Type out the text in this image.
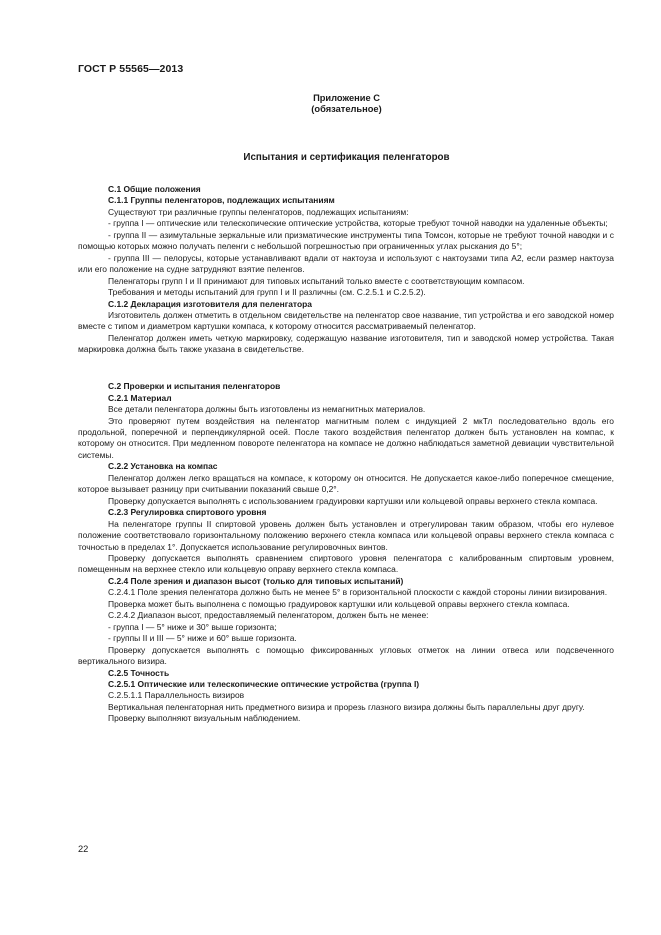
ГОСТ Р 55565—2013
Приложение С
(обязательное)
Испытания и сертификация пеленгаторов

С.1 Общие положения

С.1.1 Группы пеленгаторов, подлежащих испытаниям

Существуют три различные группы пеленгаторов, подлежащих испытаниям:

- группа I — оптические или телескопические оптические устройства, которые требуют точной наводки на удаленные объекты;

- группа II — азимутальные зеркальные или призматические инструменты типа Томсон, которые не требуют точной наводки и с помощью которых можно получать пеленги с небольшой погрешностью при ограниченных углах рыскания до 5°;

- группа III — пелорусы, которые устанавливают вдали от нактоуза и используют с нактоузами типа А2, если размер нактоуза или его положение на судне затрудняют взятие пеленгов.

Пеленгаторы групп I и II принимают для типовых испытаний только вместе с соответствующим компасом.

Требования и методы испытаний для групп I и II различны (см. С.2.5.1 и С.2.5.2).

С.1.2 Декларация изготовителя для пеленгатора

Изготовитель должен отметить в отдельном свидетельстве на пеленгатор свое название, тип устройства и его заводской номер вместе с типом и диаметром картушки компаса, к которому относится рассматриваемый пеленгатор.

Пеленгатор должен иметь четкую маркировку, содержащую название изготовителя, тип и заводской номер устройства. Такая маркировка должна быть также указана в свидетельстве.

С.2 Проверки и испытания пеленгаторов

С.2.1 Материал

Все детали пеленгатора должны быть изготовлены из немагнитных материалов.

Это проверяют путем воздействия на пеленгатор магнитным полем с индукцией 2 мкТл последовательно вдоль его продольной, поперечной и перпендикулярной осей. После такого воздействия пеленгатор должен быть установлен на компас, к которому он относится. При медленном повороте пеленгатора на компасе не должно наблюдаться заметной девиации чувствительной системы.

С.2.2 Установка на компас

Пеленгатор должен легко вращаться на компасе, к которому он относится. Не допускается какое-либо поперечное смещение, которое вызывает разницу при считывании показаний свыше 0,2°.

Проверку допускается выполнять с использованием градуировки картушки или кольцевой оправы верхнего стекла компаса.

С.2.3 Регулировка спиртового уровня

На пеленгаторе группы II спиртовой уровень должен быть установлен и отрегулирован таким образом, чтобы его нулевое положение соответствовало горизонтальному положению верхнего стекла компаса или кольцевой оправы верхнего стекла компаса с точностью в пределах 1°. Допускается использование регулировочных винтов.

Проверку допускается выполнять сравнением спиртового уровня пеленгатора с калиброванным спиртовым уровнем, помещенным на верхнее стекло или кольцевую оправу верхнего стекла компаса.

С.2.4 Поле зрения и диапазон высот (только для типовых испытаний)

С.2.4.1 Поле зрения пеленгатора должно быть не менее 5° в горизонтальной плоскости с каждой стороны линии визирования.

Проверка может быть выполнена с помощью градуировок картушки или кольцевой оправы верхнего стекла компаса.

С.2.4.2 Диапазон высот, предоставляемый пеленгатором, должен быть не менее:

- группа I — 5° ниже и 30° выше горизонта;

- группы II и III — 5° ниже и 60° выше горизонта.

Проверку допускается выполнять с помощью фиксированных угловых отметок на линии отвеса или подсвеченного вертикального визира.

С.2.5 Точность

С.2.5.1 Оптические или телескопические оптические устройства (группа I)

С.2.5.1.1 Параллельность визиров

Вертикальная пеленгаторная нить предметного визира и прорезь глазного визира должны быть параллельны друг другу.

Проверку выполняют визуальным наблюдением.

22
